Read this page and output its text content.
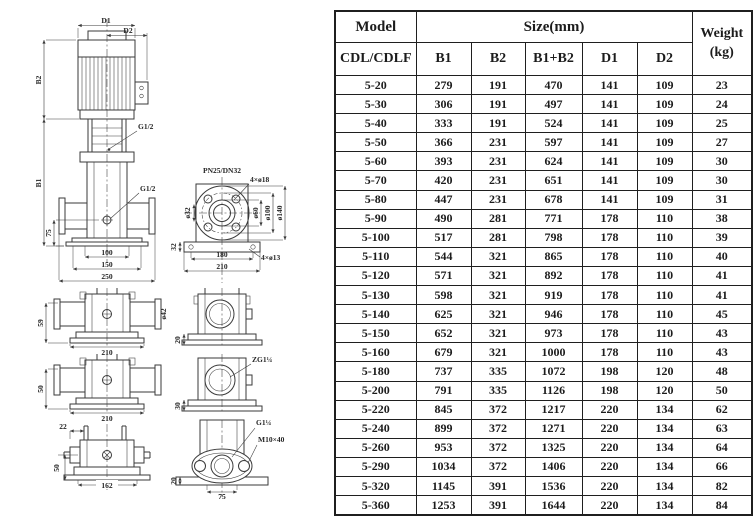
D1
D2
B2
B1
G1/2
G1/2
75
100
150
250
PN25/DN32
4×ø18
ø32	ø60 ø100 ø140
32
180
210
4×ø13
ø42
59
210
50
210
22
50
162
20
ZG1¼
30
G1¼
M10×40
20
75
Model	Size(mm)					Weight
(kg)

CDL/CDLF	B1	B2	B1+B2	D1	D2	
5-20	279	191	470	141	109	23
5-30	306	191	497	141	109	24
5-40	333	191	524	141	109	25
5-50	366	231	597	141	109	27
5-60	393	231	624	141	109	30
5-70	420	231	651	141	109	30
5-80	447	231	678	141	109	31
5-90	490	281	771	178	110	38
5-100	517	281	798	178	110	39
5-110	544	321	865	178	110	40
5-120	571	321	892	178	110	41
5-130	598	321	919	178	110	41
5-140	625	321	946	178	110	45
5-150	652	321	973	178	110	43
5-160	679	321	1000	178	110	43
5-180	737	335	1072	198	120	48
5-200	791	335	1126	198	120	50
5-220	845	372	1217	220	134	62
5-240	899	372	1271	220	134	63
5-260	953	372	1325	220	134	64
5-290	1034	372	1406	220	134	66
5-320	1145	391	1536	220	134	82
5-360	1253	391	1644	220	134	84
